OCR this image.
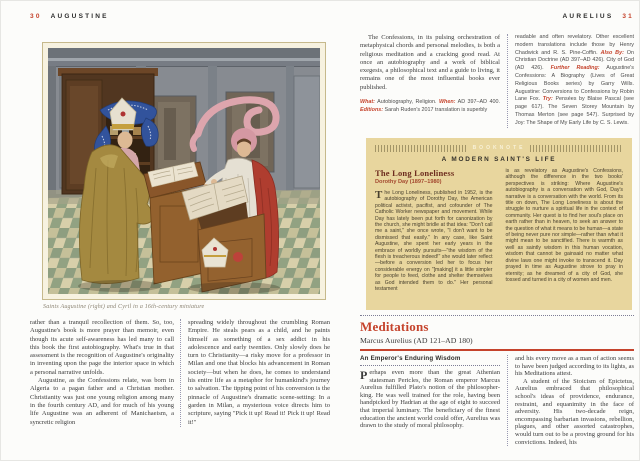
30 AUGUSTINE	AURELIUS 31
Saints Augustine (right) and Cyril in a 16th-century miniature

rather than a tranquil recollection of them. So, too, Augustine's book is more prayer than memoir, even though its acute self-awareness has led many to call this book the first autobiography. What's true in that assessment is the recognition of Augustine's originality in inventing upon the page the interior space in which a personal narrative unfolds.

Augustine, as the Confessions relate, was born in Algeria to a pagan father and a Christian mother. Christianity was just one young religion among many in the fourth century AD, and for much of his young life Augustine was an adherent of Manichaeism, a syncretic religion

spreading widely throughout the crumbling Roman Empire. He steals pears as a child, and he paints himself as something of a sex addict in his adolescence and early twenties. Only slowly does he turn to Christianity—a risky move for a professor in Milan and one that blocks his advancement in Roman society—but when he does, he comes to understand his entire life as a metaphor for humankind's journey to salvation. The tipping point of his conversion is the pinnacle of Augustine's dramatic scene-setting: In a garden in Milan, a mysterious voice directs him to scripture, saying "Pick it up! Read it! Pick it up! Read it!"

The Confessions, in its pulsing orchestration of metaphysical chords and personal melodies, is both a religious meditation and a cracking good read. At once an autobiography and a work of biblical exegesis, a philosophical text and a guide to living, it remains one of the most influential books ever published.

What: Autobiography, Religion. When: AD 397–AD 400. Editions: Sarah Ruden's 2017 translation is superbly

readable and often revelatory. Other excellent modern translations include those by Henry Chadwick and R. S. Pine-Coffin. Also By: On Christian Doctrine (AD 397–AD 426). City of God (AD 426). Further Reading: Augustine's Confessions: A Biography (Lives of Great Religious Books series) by Garry Wills. Augustine: Conversions to Confessions by Robin Lane Fox. Try: Pensées by Blaise Pascal (see page 617). The Seven Storey Mountain by Thomas Merton (see page 547). Surprised by Joy: The Shape of My Early Life by C. S. Lewis.

BOOKNOTE
A MODERN SAINT'S LIFE
The Long Loneliness
Dorothy Day (1897–1980)

The Long Loneliness, published in 1952, is the autobiography of Dorothy Day, the American political activist, pacifist, and cofounder of The Catholic Worker newspaper and movement. While Day has lately been put forth for canonization by the church, she might bridle at that idea: "Don't call me a saint," she once wrote, "I don't want to be dismissed that easily." In any case, like Saint Augustine, she spent her early years in the embrace of worldly pursuits—"the wisdom of the flesh is treacherous indeed!" she would later reflect—before a conversion led her to focus her considerable energy on "[making] it a little simpler for people to feed, clothe and shelter themselves as God intended them to do." Her personal testament

is as revelatory as Augustine's Confessions, although the difference in the two books' perspectives is striking: Where Augustine's autobiography is a conversation with God, Day's narrative is a conversation with the world. From its title on down, The Long Loneliness is about the struggle to nurture a spiritual life in the context of community. Her quest is to find her soul's place on earth rather than in heaven, to seek an answer to the question of what it means to be human—a state of being never pure nor simple—rather than what it might mean to be sanctified. There is warmth as well as saintly wisdom in this human vocation, wisdom that cannot be gainsaid no matter what divine laws one might invoke to transcend it. Day prayed in time as Augustine strove to pray in eternity; as he dreamed of a city of God, she tossed and turned in a city of women and men.

Meditations
Marcus Aurelius (AD 121–AD 180)
An Emperor's Enduring Wisdom

Perhaps even more than the great Athenian statesman Pericles, the Roman emperor Marcus Aurelius fulfilled Plato's notion of the philosopher-king. He was well trained for the role, having been handpicked by Hadrian at the age of eight to succeed that imperial luminary. The beneficiary of the finest education the ancient world could offer, Aurelius was drawn to the study of moral philosophy.

and his every move as a man of action seems to have been judged according to its lights, as his Meditations attest.

A student of the Stoicism of Epictetus, Aurelius embraced that philosophical school's ideas of providence, endurance, restraint, and equanimity in the face of adversity. His two-decade reign, encompassing barbarian invasions, rebellion, plagues, and other assorted catastrophes, would turn out to be a proving ground for his convictions. Indeed, his
